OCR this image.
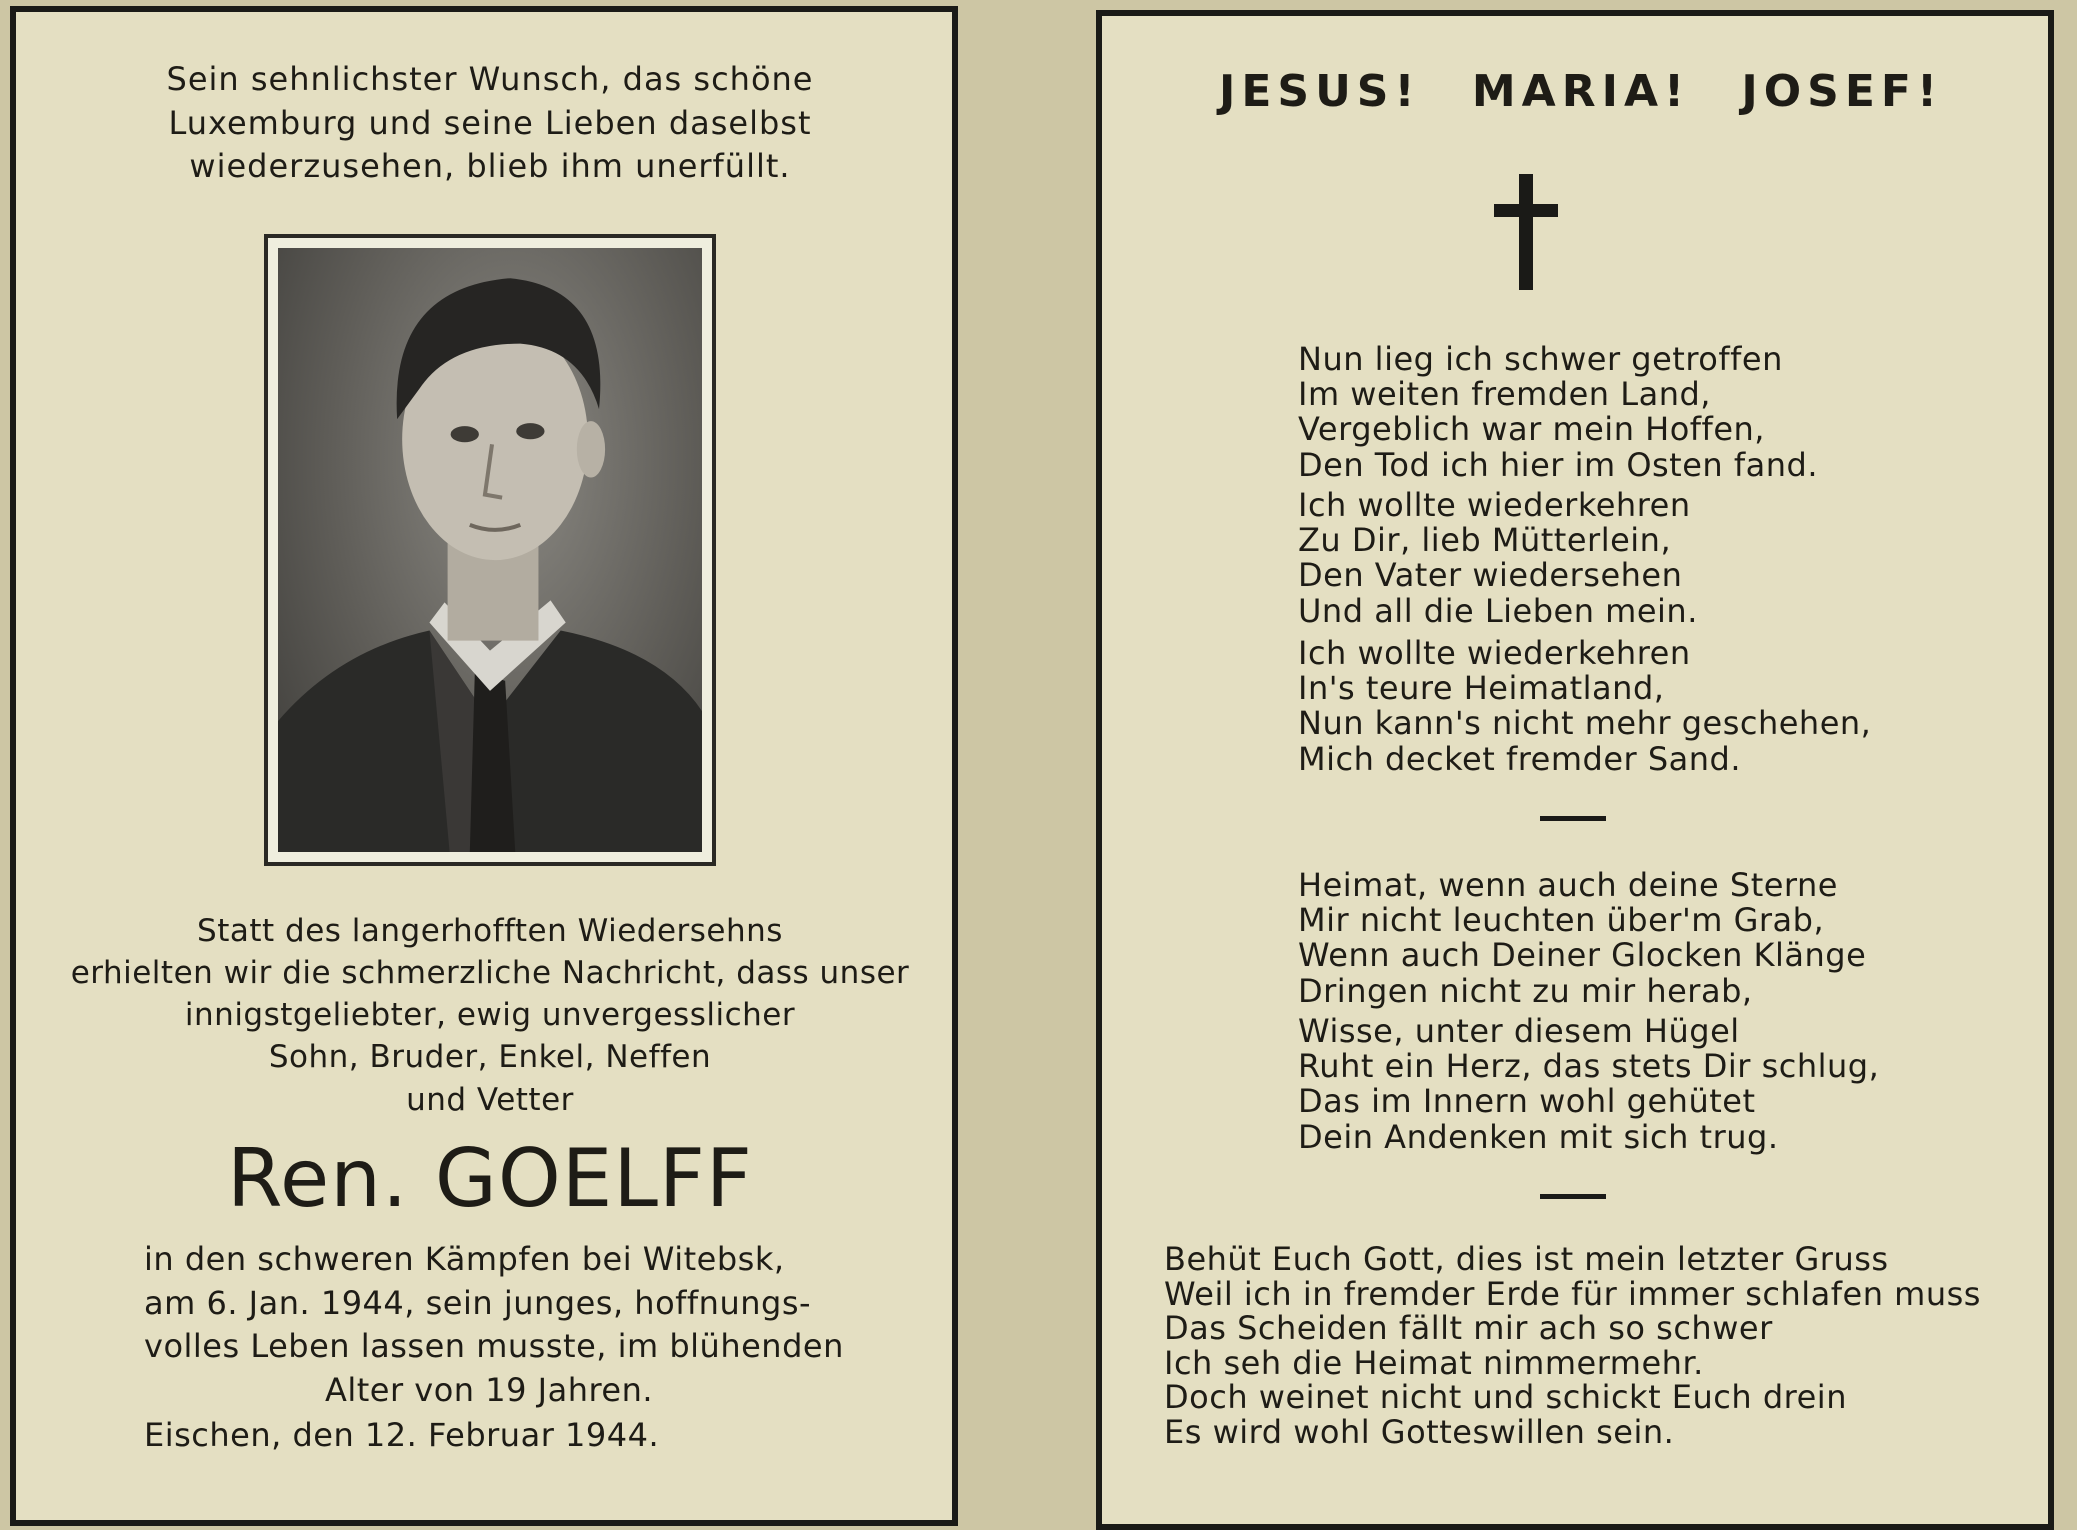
Sein sehnlichster Wunsch, das schöne
Luxemburg und seine Lieben daselbst
wiederzusehen, blieb ihm unerfüllt.

Statt des langerhofften Wiedersehns
erhielten wir die schmerzliche Nachricht, dass unser
innigstgeliebter, ewig unvergesslicher
Sohn, Bruder, Enkel, Neffen
und Vetter

Ren. GOELFF

in den schweren Kämpfen bei Witebsk,
am 6. Jan. 1944, sein junges, hoffnungs-
volles Leben lassen musste, im blühenden
Alter von 19 Jahren.

Eischen, den 12. Februar 1944.

JESUS! MARIA! JOSEF!

Nun lieg ich schwer getroffen
Im weiten fremden Land,
Vergeblich war mein Hoffen,
Den Tod ich hier im Osten fand.

Ich wollte wiederkehren
Zu Dir, lieb Mütterlein,
Den Vater wiedersehen
Und all die Lieben mein.

Ich wollte wiederkehren
In's teure Heimatland,
Nun kann's nicht mehr geschehen,
Mich decket fremder Sand.

Heimat, wenn auch deine Sterne
Mir nicht leuchten über'm Grab,
Wenn auch Deiner Glocken Klänge
Dringen nicht zu mir herab,

Wisse, unter diesem Hügel
Ruht ein Herz, das stets Dir schlug,
Das im Innern wohl gehütet
Dein Andenken mit sich trug.

Behüt Euch Gott, dies ist mein letzter Gruss
Weil ich in fremder Erde für immer schlafen muss
Das Scheiden fällt mir ach so schwer
Ich seh die Heimat nimmermehr.
Doch weinet nicht und schickt Euch drein
Es wird wohl Gotteswillen sein.
